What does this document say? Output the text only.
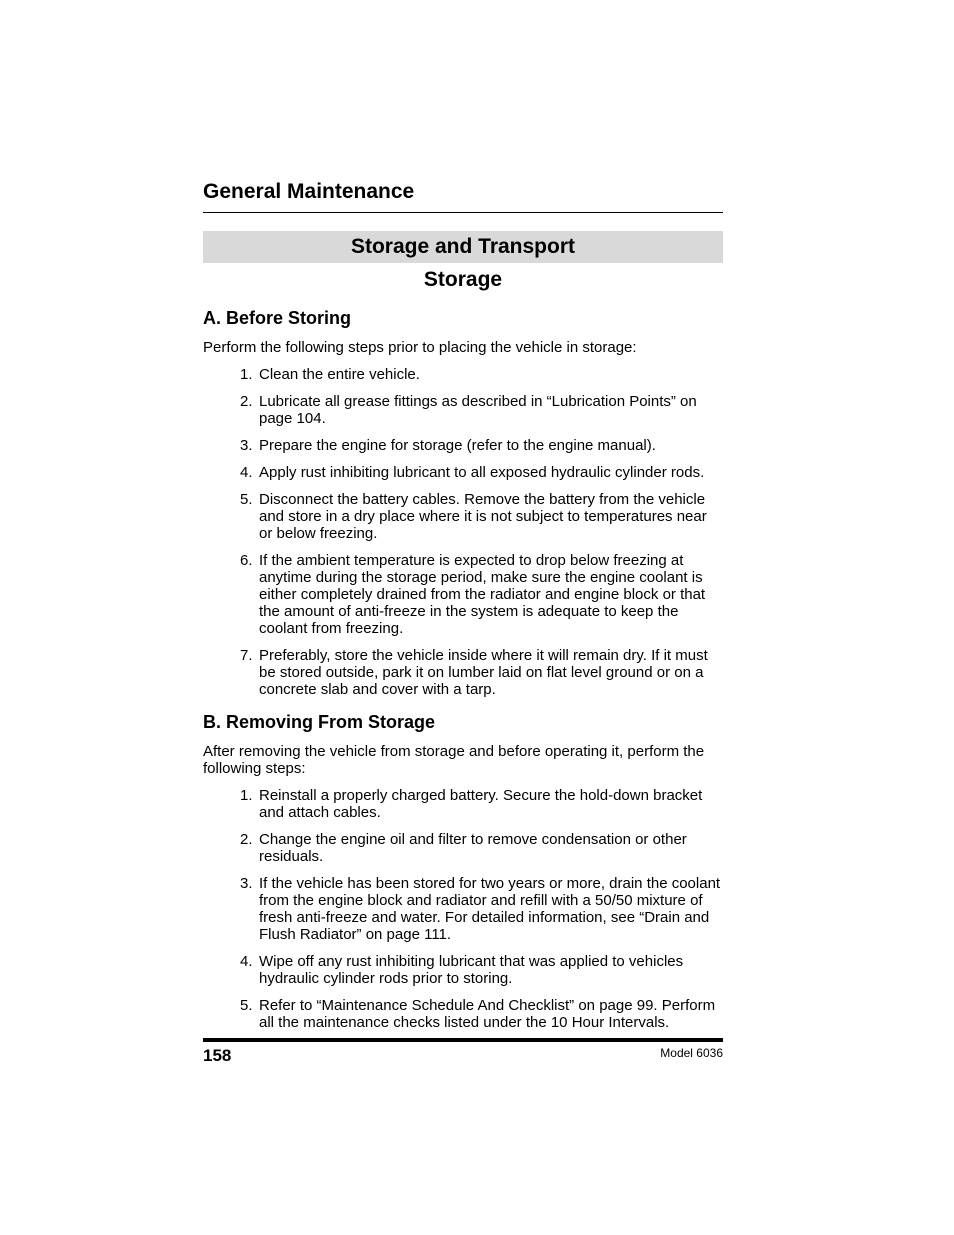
General Maintenance
Storage and Transport
Storage
A. Before Storing

Perform the following steps prior to placing the vehicle in storage:

1. Clean the entire vehicle.
2. Lubricate all grease fittings as described in “Lubrication Points” on page 104.
3. Prepare the engine for storage (refer to the engine manual).
4. Apply rust inhibiting lubricant to all exposed hydraulic cylinder rods.
5. Disconnect the battery cables. Remove the battery from the vehicle and store in a dry place where it is not subject to temperatures near or below freezing.
6. If the ambient temperature is expected to drop below freezing at anytime during the storage period, make sure the engine coolant is either completely drained from the radiator and engine block or that the amount of anti-freeze in the system is adequate to keep the coolant from freezing.
7. Preferably, store the vehicle inside where it will remain dry. If it must be stored outside, park it on lumber laid on flat level ground or on a concrete slab and cover with a tarp.
B. Removing From Storage

After removing the vehicle from storage and before operating it, perform the following steps:

1. Reinstall a properly charged battery. Secure the hold-down bracket and attach cables.
2. Change the engine oil and filter to remove condensation or other residuals.
3. If the vehicle has been stored for two years or more, drain the coolant from the engine block and radiator and refill with a 50/50 mixture of fresh anti-freeze and water. For detailed information, see “Drain and Flush Radiator” on page 111.
4. Wipe off any rust inhibiting lubricant that was applied to vehicles hydraulic cylinder rods prior to storing.
5. Refer to “Maintenance Schedule And Checklist” on page 99. Perform all the maintenance checks listed under the 10 Hour Intervals.
158	Model 6036
